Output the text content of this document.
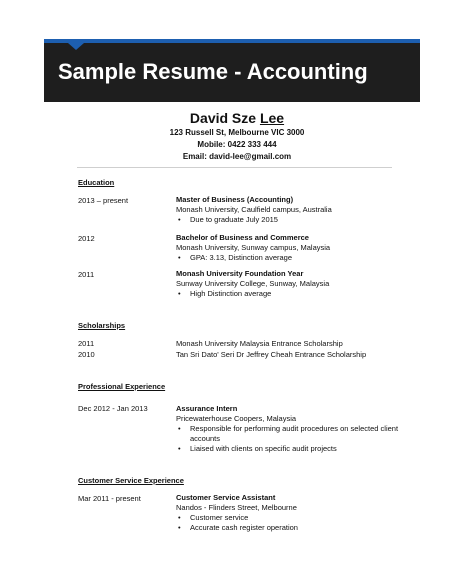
Sample Resume - Accounting
David Sze Lee
123 Russell St, Melbourne VIC 3000
Mobile: 0422 333 444
Email: david-lee@gmail.com
Education
2013 – present	Master of Business (Accounting)
Monash University, Caulfield campus, Australia
• Due to graduate July 2015
2012	Bachelor of Business and Commerce
Monash University, Sunway campus, Malaysia
• GPA: 3.13, Distinction average
2011	Monash University Foundation Year
Sunway University College, Sunway, Malaysia
• High Distinction average
Scholarships
2011	Monash University Malaysia Entrance Scholarship
2010	Tan Sri Dato' Seri Dr Jeffrey Cheah Entrance Scholarship
Professional Experience
Dec 2012 - Jan 2013	Assurance Intern
Pricewaterhouse Coopers, Malaysia
• Responsible for performing audit procedures on selected client
accounts
• Liaised with clients on specific audit projects
Customer Service Experience
Mar 2011 - present	Customer Service Assistant
Nandos - Flinders Street, Melbourne
• Customer service
• Accurate cash register operation
